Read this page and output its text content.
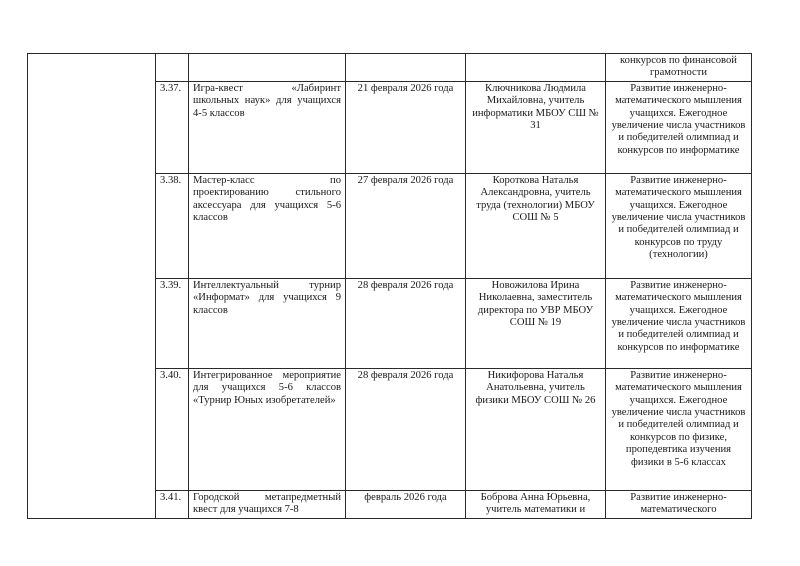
					конкурсов по финансовой грамотности
	3.37.	Игра-квест «Лабиринт школьных наук» для учащихся 4-5 классов	21 февраля 2026 года	Ключникова Людмила Михайловна, учитель информатики МБОУ СШ № 31	Развитие инженерно-математического мышления учащихся. Ежегодное увеличение числа участников и победителей олимпиад и конкурсов по информатике
	3.38.	Мастер-класс по проектированию стильного аксессуара для учащихся 5-6 классов	27 февраля 2026 года	Короткова Наталья Александровна, учитель труда (технологии) МБОУ СОШ № 5	Развитие инженерно-математического мышления учащихся. Ежегодное увеличение числа участников и победителей олимпиад и конкурсов по труду (технологии)
	3.39.	Интеллектуальный турнир «Информат» для учащихся 9 классов	28 февраля 2026 года	Новожилова Ирина Николаевна, заместитель директора по УВР МБОУ СОШ № 19	Развитие инженерно-математического мышления учащихся. Ежегодное увеличение числа участников и победителей олимпиад и конкурсов по информатике
	3.40.	Интегрированное мероприятие для учащихся 5-6 классов «Турнир Юных изобретателей»	28 февраля 2026 года	Никифорова Наталья Анатольевна, учитель физики МБОУ СОШ № 26	Развитие инженерно-математического мышления учащихся. Ежегодное увеличение числа участников и победителей олимпиад и конкурсов по физике, пропедевтика изучения физики в 5-6 классах
	3.41.	Городской метапредметный квест для учащихся 7-8	февраль 2026 года	Боброва Анна Юрьевна, учитель математики и	Развитие инженерно-математического
